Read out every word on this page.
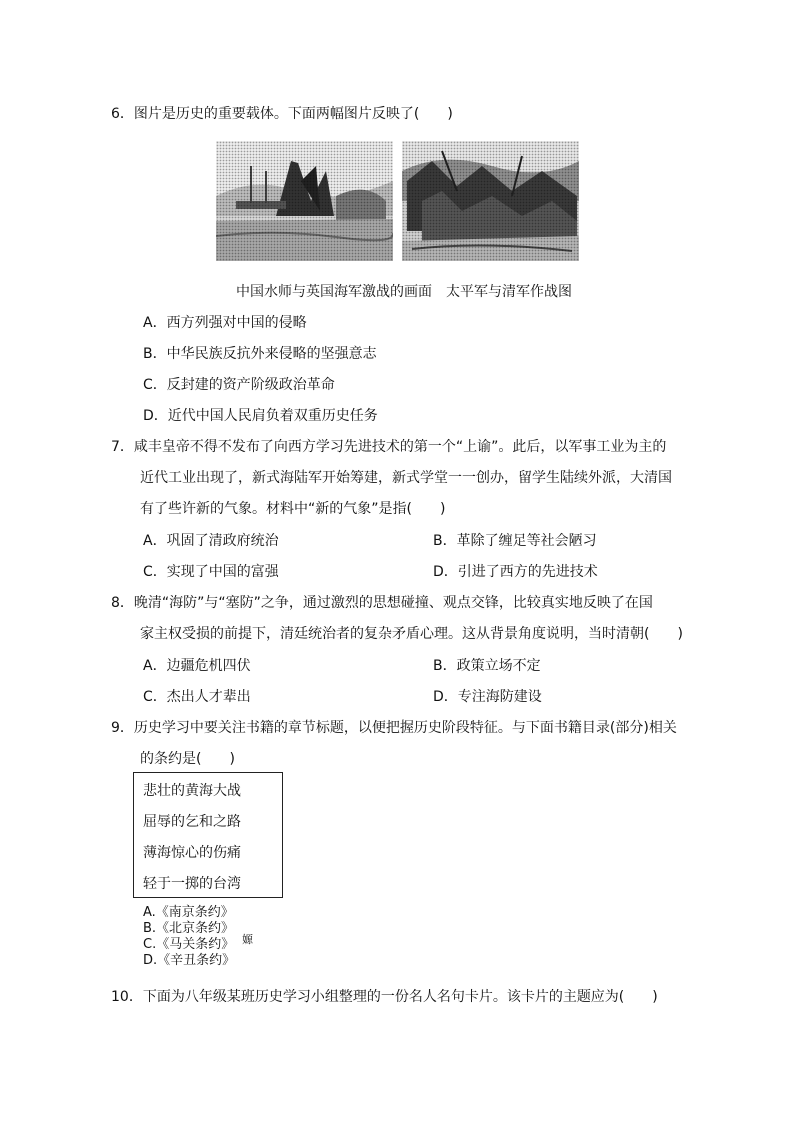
6．图片是历史的重要载体。下面两幅图片反映了(　　)
中国水师与英国海军激战的画面 太平军与清军作战图
A．西方列强对中国的侵略
B．中华民族反抗外来侵略的坚强意志
C．反封建的资产阶级政治革命
D．近代中国人民肩负着双重历史任务
7．咸丰皇帝不得不发布了向西方学习先进技术的第一个“上谕”。此后，以军事工业为主的
近代工业出现了，新式海陆军开始筹建，新式学堂一一创办，留学生陆续外派，大清国
有了些许新的气象。材料中“新的气象”是指(　　)
A．巩固了清政府统治	B．革除了缠足等社会陋习
C．实现了中国的富强	D．引进了西方的先进技术
8．晚清“海防”与“塞防”之争，通过激烈的思想碰撞、观点交锋，比较真实地反映了在国
家主权受损的前提下，清廷统治者的复杂矛盾心理。这从背景角度说明，当时清朝(　　)
A．边疆危机四伏	B．政策立场不定
C．杰出人才辈出	D．专注海防建设
9．历史学习中要关注书籍的章节标题，以便把握历史阶段特征。与下面书籍目录(部分)相关
的条约是(　　)
悲壮的黄海大战
屈辱的乞和之路
薄海惊心的伤痛
轻于一掷的台湾
A.《南京条约》
B.《北京条约》
C.《马关条约》 嫄
D.《辛丑条约》
10．下面为八年级某班历史学习小组整理的一份名人名句卡片。该卡片的主题应为(　　)
